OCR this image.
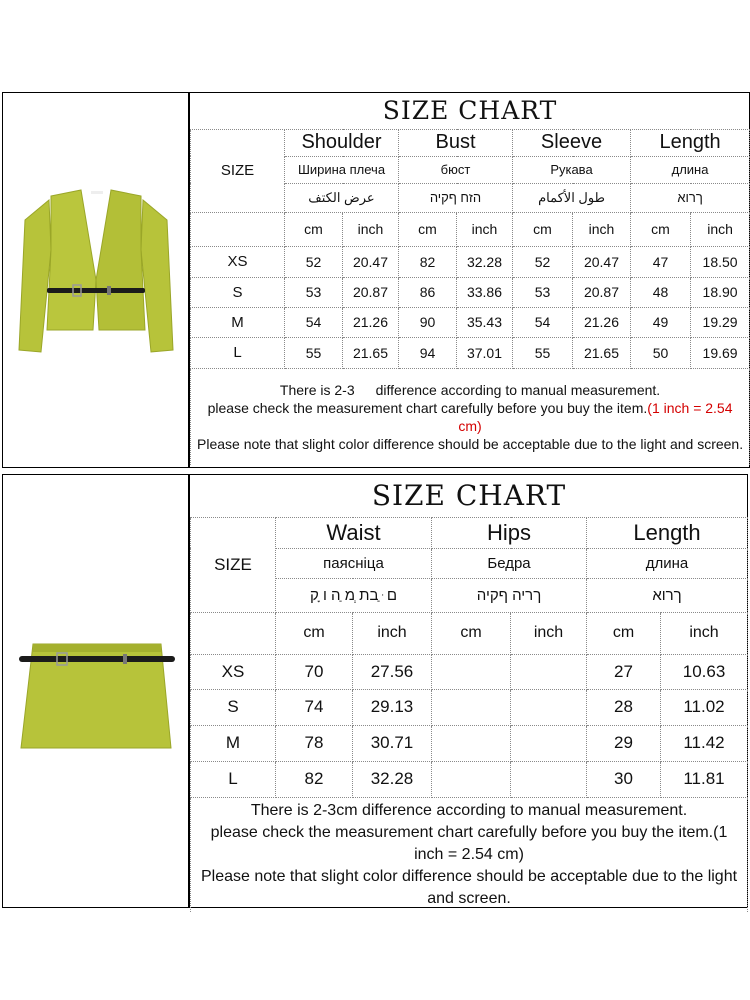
SIZE CHART								
SIZE	Shoulder		Bust		Sleeve		Length	
	Ширина плеча		бюст		Рукава		длина	
	عرض الكتف		הזח ףקיה		طول الأكمام		ךרוא	
	cm	inch	cm	inch	cm	inch	cm	inch
XS	52	20.47	82	32.28	52	20.47	47	18.50
S	53	20.87	86	33.86	53	20.87	48	18.90
M	54	21.26	90	35.43	54	21.26	49	19.29
L	55	21.65	94	37.01	55	21.65	50	19.69

There is 2-3   difference according to manual measurement.
please check the measurement chart carefully before you buy the item.(1 inch = 2.54 cm)
Please note that slight color difference should be acceptable due to the light and screen.								
SIZE CHART						
SIZE	Waist		Hips		Length	
	паясніца		Бедра		длина	
	ם ּ ַבת ְמ ַה ו ָק		ךריה ףקיה		ךרוא	
	cm	inch	cm	inch	cm	inch
XS	70	27.56			27	10.63
S	74	29.13			28	11.02
M	78	30.71			29	11.42
L	82	32.28			30	11.81

There is 2-3cm difference according to manual measurement.
please check the measurement chart carefully before you buy the item.(1 inch = 2.54 cm)
Please note that slight color difference should be acceptable due to the light and screen.						
